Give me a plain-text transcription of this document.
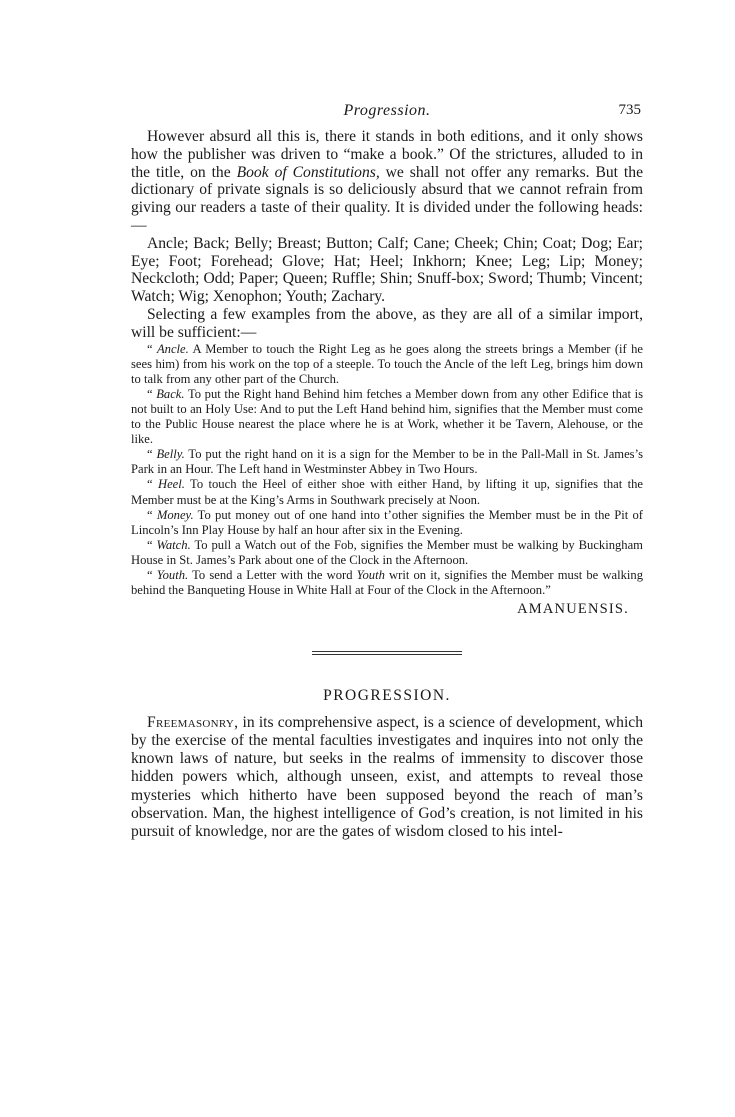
Progression.	735

However absurd all this is, there it stands in both editions, and it only shows how the publisher was driven to “make a book.” Of the strictures, alluded to in the title, on the Book of Constitutions, we shall not offer any remarks. But the dictionary of private signals is so deliciously absurd that we cannot refrain from giving our readers a taste of their quality. It is divided under the following heads:—

Ancle; Back; Belly; Breast; Button; Calf; Cane; Cheek; Chin; Coat; Dog; Ear; Eye; Foot; Forehead; Glove; Hat; Heel; Inkhorn; Knee; Leg; Lip; Money; Neckcloth; Odd; Paper; Queen; Ruffle; Shin; Snuff-box; Sword; Thumb; Vincent; Watch; Wig; Xenophon; Youth; Zachary.

Selecting a few examples from the above, as they are all of a similar import, will be sufficient:—

“ Ancle. A Member to touch the Right Leg as he goes along the streets brings a Member (if he sees him) from his work on the top of a steeple. To touch the Ancle of the left Leg, brings him down to talk from any other part of the Church.

“ Back. To put the Right hand Behind him fetches a Member down from any other Edifice that is not built to an Holy Use: And to put the Left Hand behind him, signifies that the Member must come to the Public House nearest the place where he is at Work, whether it be Tavern, Alehouse, or the like.

“ Belly. To put the right hand on it is a sign for the Member to be in the Pall-Mall in St. James’s Park in an Hour. The Left hand in Westminster Abbey in Two Hours.

“ Heel. To touch the Heel of either shoe with either Hand, by lifting it up, signifies that the Member must be at the King’s Arms in Southwark precisely at Noon.

“ Money. To put money out of one hand into t’other signifies the Member must be in the Pit of Lincoln’s Inn Play House by half an hour after six in the Evening.

“ Watch. To pull a Watch out of the Fob, signifies the Member must be walking by Buckingham House in St. James’s Park about one of the Clock in the Afternoon.

“ Youth. To send a Letter with the word Youth writ on it, signifies the Member must be walking behind the Banqueting House in White Hall at Four of the Clock in the Afternoon.”

AMANUENSIS.
PROGRESSION.

Freemasonry, in its comprehensive aspect, is a science of development, which by the exercise of the mental faculties investigates and inquires into not only the known laws of nature, but seeks in the realms of immensity to discover those hidden powers which, although unseen, exist, and attempts to reveal those mysteries which hitherto have been supposed beyond the reach of man’s observation. Man, the highest intelligence of God’s creation, is not limited in his pursuit of knowledge, nor are the gates of wisdom closed to his intel-
